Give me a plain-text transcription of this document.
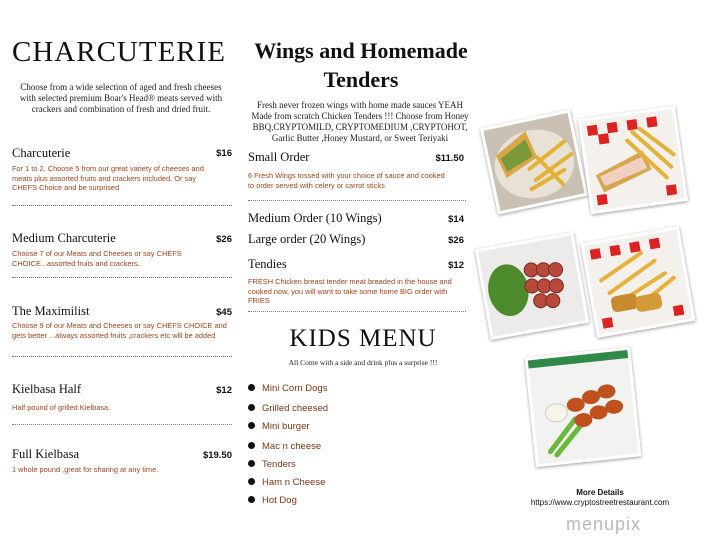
CHARCUTERIE
Choose from a wide selection of aged and fresh cheeses with selected premium Boar's Head® meats served with crackers and combination of fresh and dried fruit.
Charcuterie	$16
For 1 to 2, Choose 5 from our great variety of cheeses and meats plus assorted fruits and crackers included. Or say CHEFS Choice and be surprised
Medium Charcuterie	$26
Choose 7 of our Meats and Cheeses or say CHEFS CHOICE...assorted fruits and crackers.
The Maximilist	$45
Choose 9 of our Meats and Cheeses or say CHEFS CHOICE and gets better ...always assorted fruits ,crackers etc will be added
Kielbasa Half	$12
Half pound of grilled Kielbasa.
Full Kielbasa	$19.50
1 whole pound ,great for sharing at any time.
Wings and Homemade Tenders
Fresh never frozen wings with home made sauces YEAH Made from scratch Chicken Tenders !!! Choose from Honey BBQ,CRYPTOMILD, CRYPTOMEDIUM ,CRYPTOHOT, Garlic Butter ,Honey Mustard, or Sweet Teriyaki
Small Order	$11.50
6 Fresh Wings tossed with your choice of sauce and cooked to order served with celery or carrot sticks
Medium Order (10 Wings)	$14
Large order (20 Wings)	$26
Tendies	$12
FRESH Chicken breast tender meat breaded in the house and cooked now, you will want to take some home BIG order with FRIES
KIDS MENU
All Come with a side and drink plus a surprise !!!
Mini Corn Dogs
Grilled cheesed
Mini burger
Mac n cheese
Tenders
Ham n Cheese
Hot Dog
More Details
https://www.cryptostreetrestaurant.com
menupix
